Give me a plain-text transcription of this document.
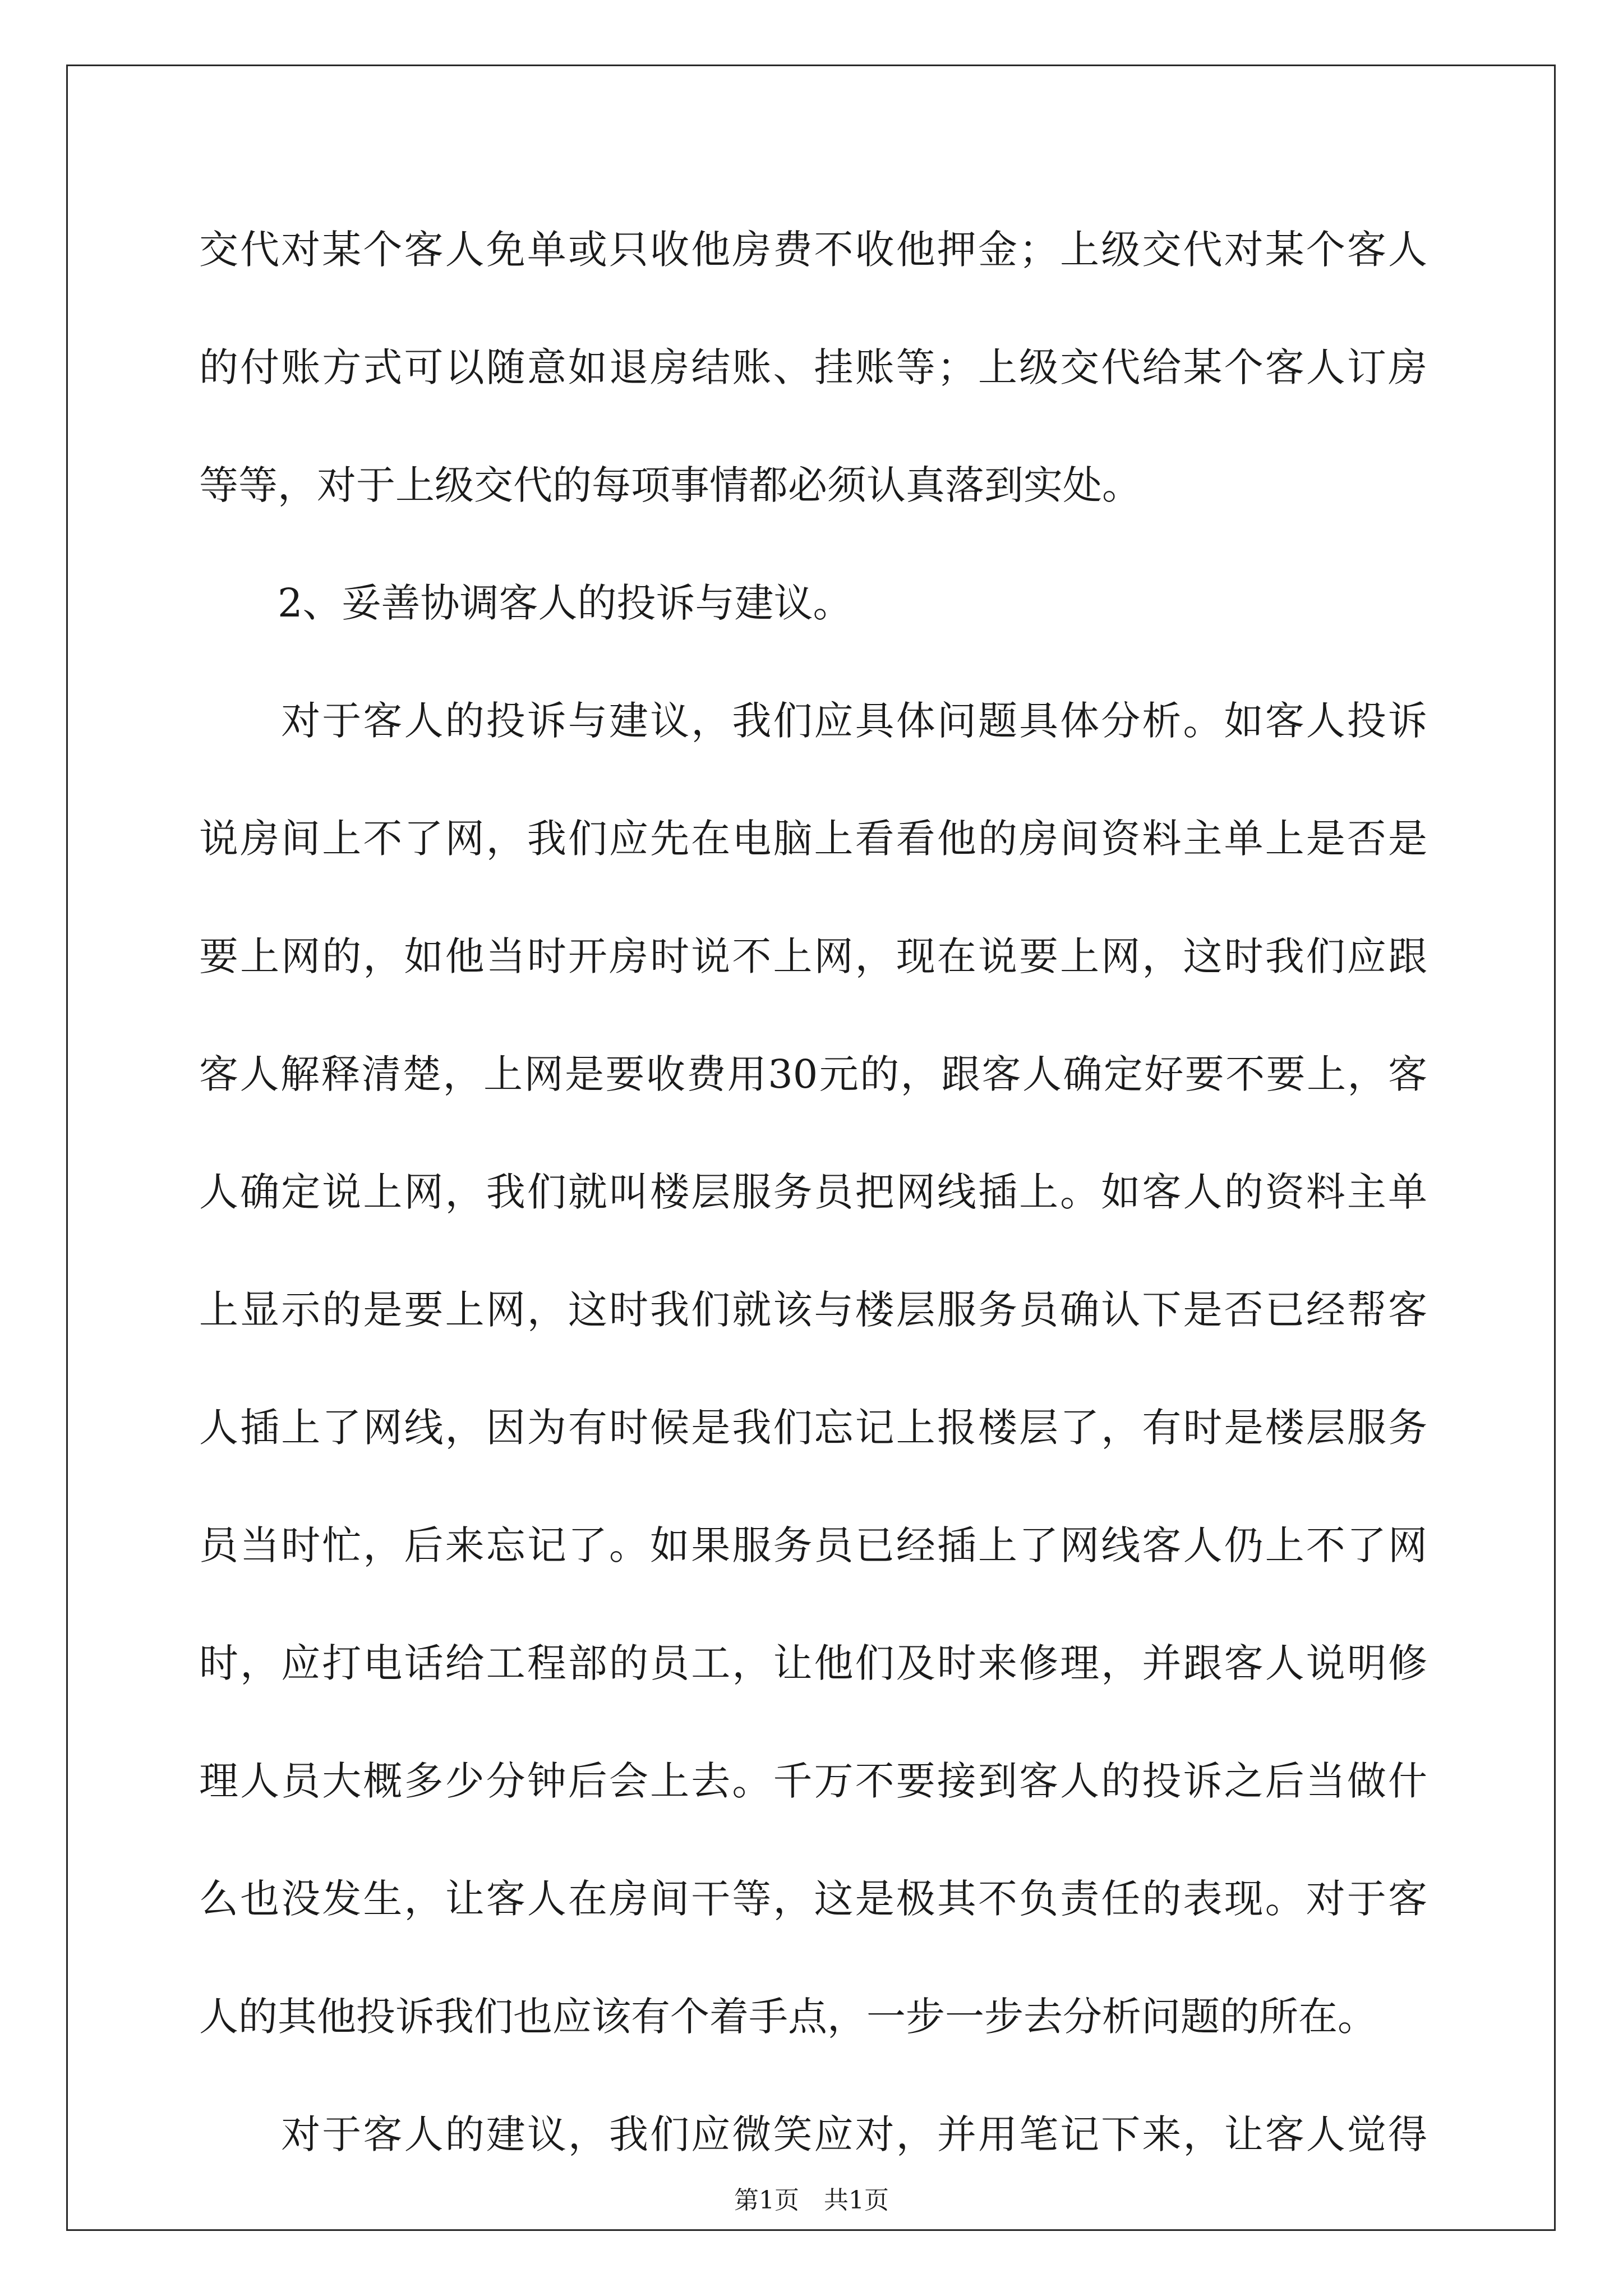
交代对某个客人免单或只收他房费不收他押金；上级交代对某个客人
的付账方式可以随意如退房结账、挂账等；上级交代给某个客人订房
等等，对于上级交代的每项事情都必须认真落到实处。
　　2、妥善协调客人的投诉与建议。
　　对于客人的投诉与建议，我们应具体问题具体分析。如客人投诉
说房间上不了网，我们应先在电脑上看看他的房间资料主单上是否是
要上网的，如他当时开房时说不上网，现在说要上网，这时我们应跟
客人解释清楚，上网是要收费用30元的，跟客人确定好要不要上，客
人确定说上网，我们就叫楼层服务员把网线插上。如客人的资料主单
上显示的是要上网，这时我们就该与楼层服务员确认下是否已经帮客
人插上了网线，因为有时候是我们忘记上报楼层了，有时是楼层服务
员当时忙，后来忘记了。如果服务员已经插上了网线客人仍上不了网
时，应打电话给工程部的员工，让他们及时来修理，并跟客人说明修
理人员大概多少分钟后会上去。千万不要接到客人的投诉之后当做什
么也没发生，让客人在房间干等，这是极其不负责任的表现。对于客
人的其他投诉我们也应该有个着手点，一步一步去分析问题的所在。
　　对于客人的建议，我们应微笑应对，并用笔记下来，让客人觉得
第1页　共1页
